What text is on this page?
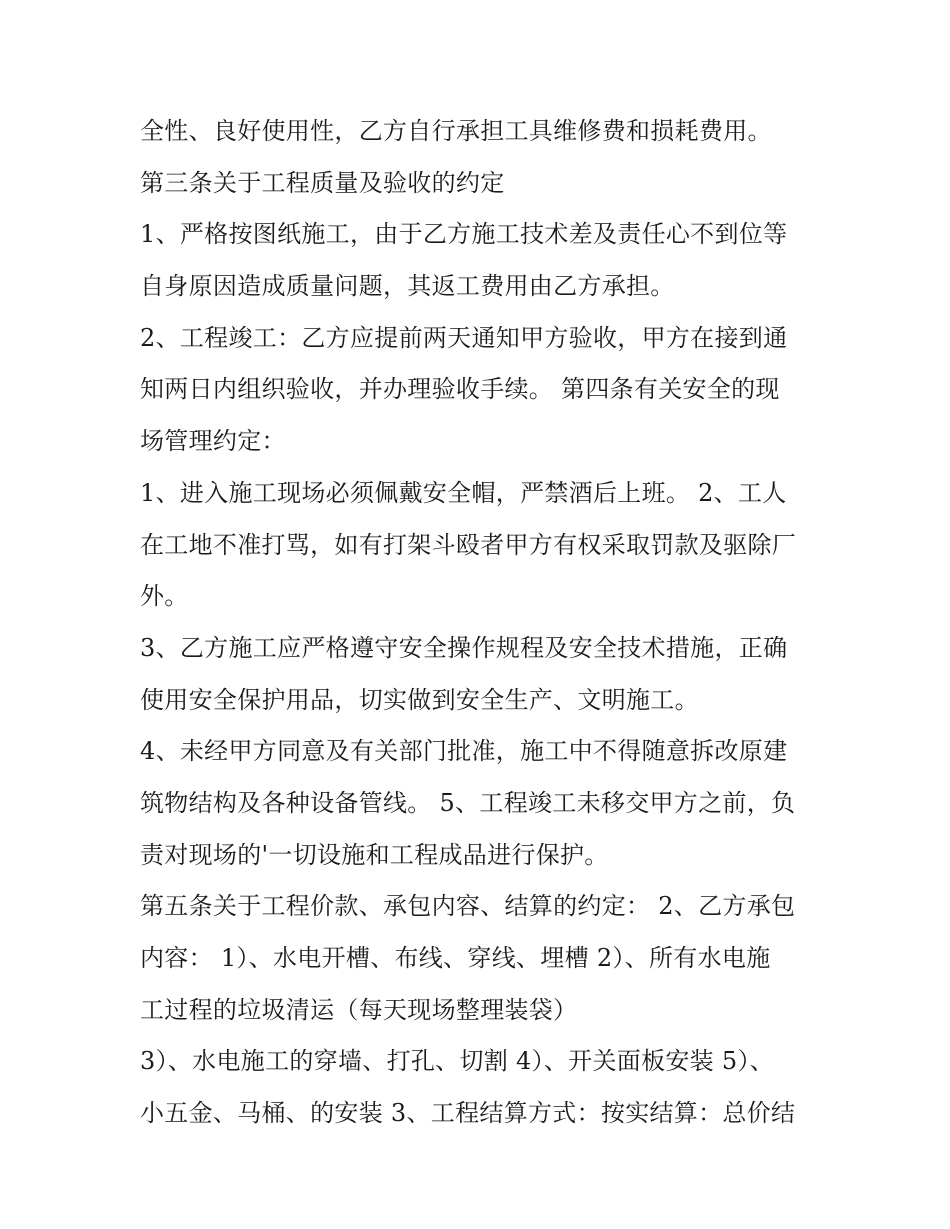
全性、良好使用性，乙方自行承担工具维修费和损耗费用。
第三条关于工程质量及验收的约定
1、严格按图纸施工，由于乙方施工技术差及责任心不到位等
自身原因造成质量问题，其返工费用由乙方承担。
2、工程竣工：乙方应提前两天通知甲方验收，甲方在接到通
知两日内组织验收，并办理验收手续。 第四条有关安全的现
场管理约定：
1、进入施工现场必须佩戴安全帽，严禁酒后上班。 2、工人
在工地不准打骂，如有打架斗殴者甲方有权采取罚款及驱除厂
外。
3、乙方施工应严格遵守安全操作规程及安全技术措施，正确
使用安全保护用品，切实做到安全生产、文明施工。
4、未经甲方同意及有关部门批准，施工中不得随意拆改原建
筑物结构及各种设备管线。 5、工程竣工未移交甲方之前，负
责对现场的'一切设施和工程成品进行保护。
第五条关于工程价款、承包内容、结算的约定： 2、乙方承包
内容： 1）、水电开槽、布线、穿线、埋槽 2）、所有水电施
工过程的垃圾清运（每天现场整理装袋）
3）、水电施工的穿墙、打孔、切割 4）、开关面板安装 5）、
小五金、马桶、的安装 3、工程结算方式：按实结算：总价结
